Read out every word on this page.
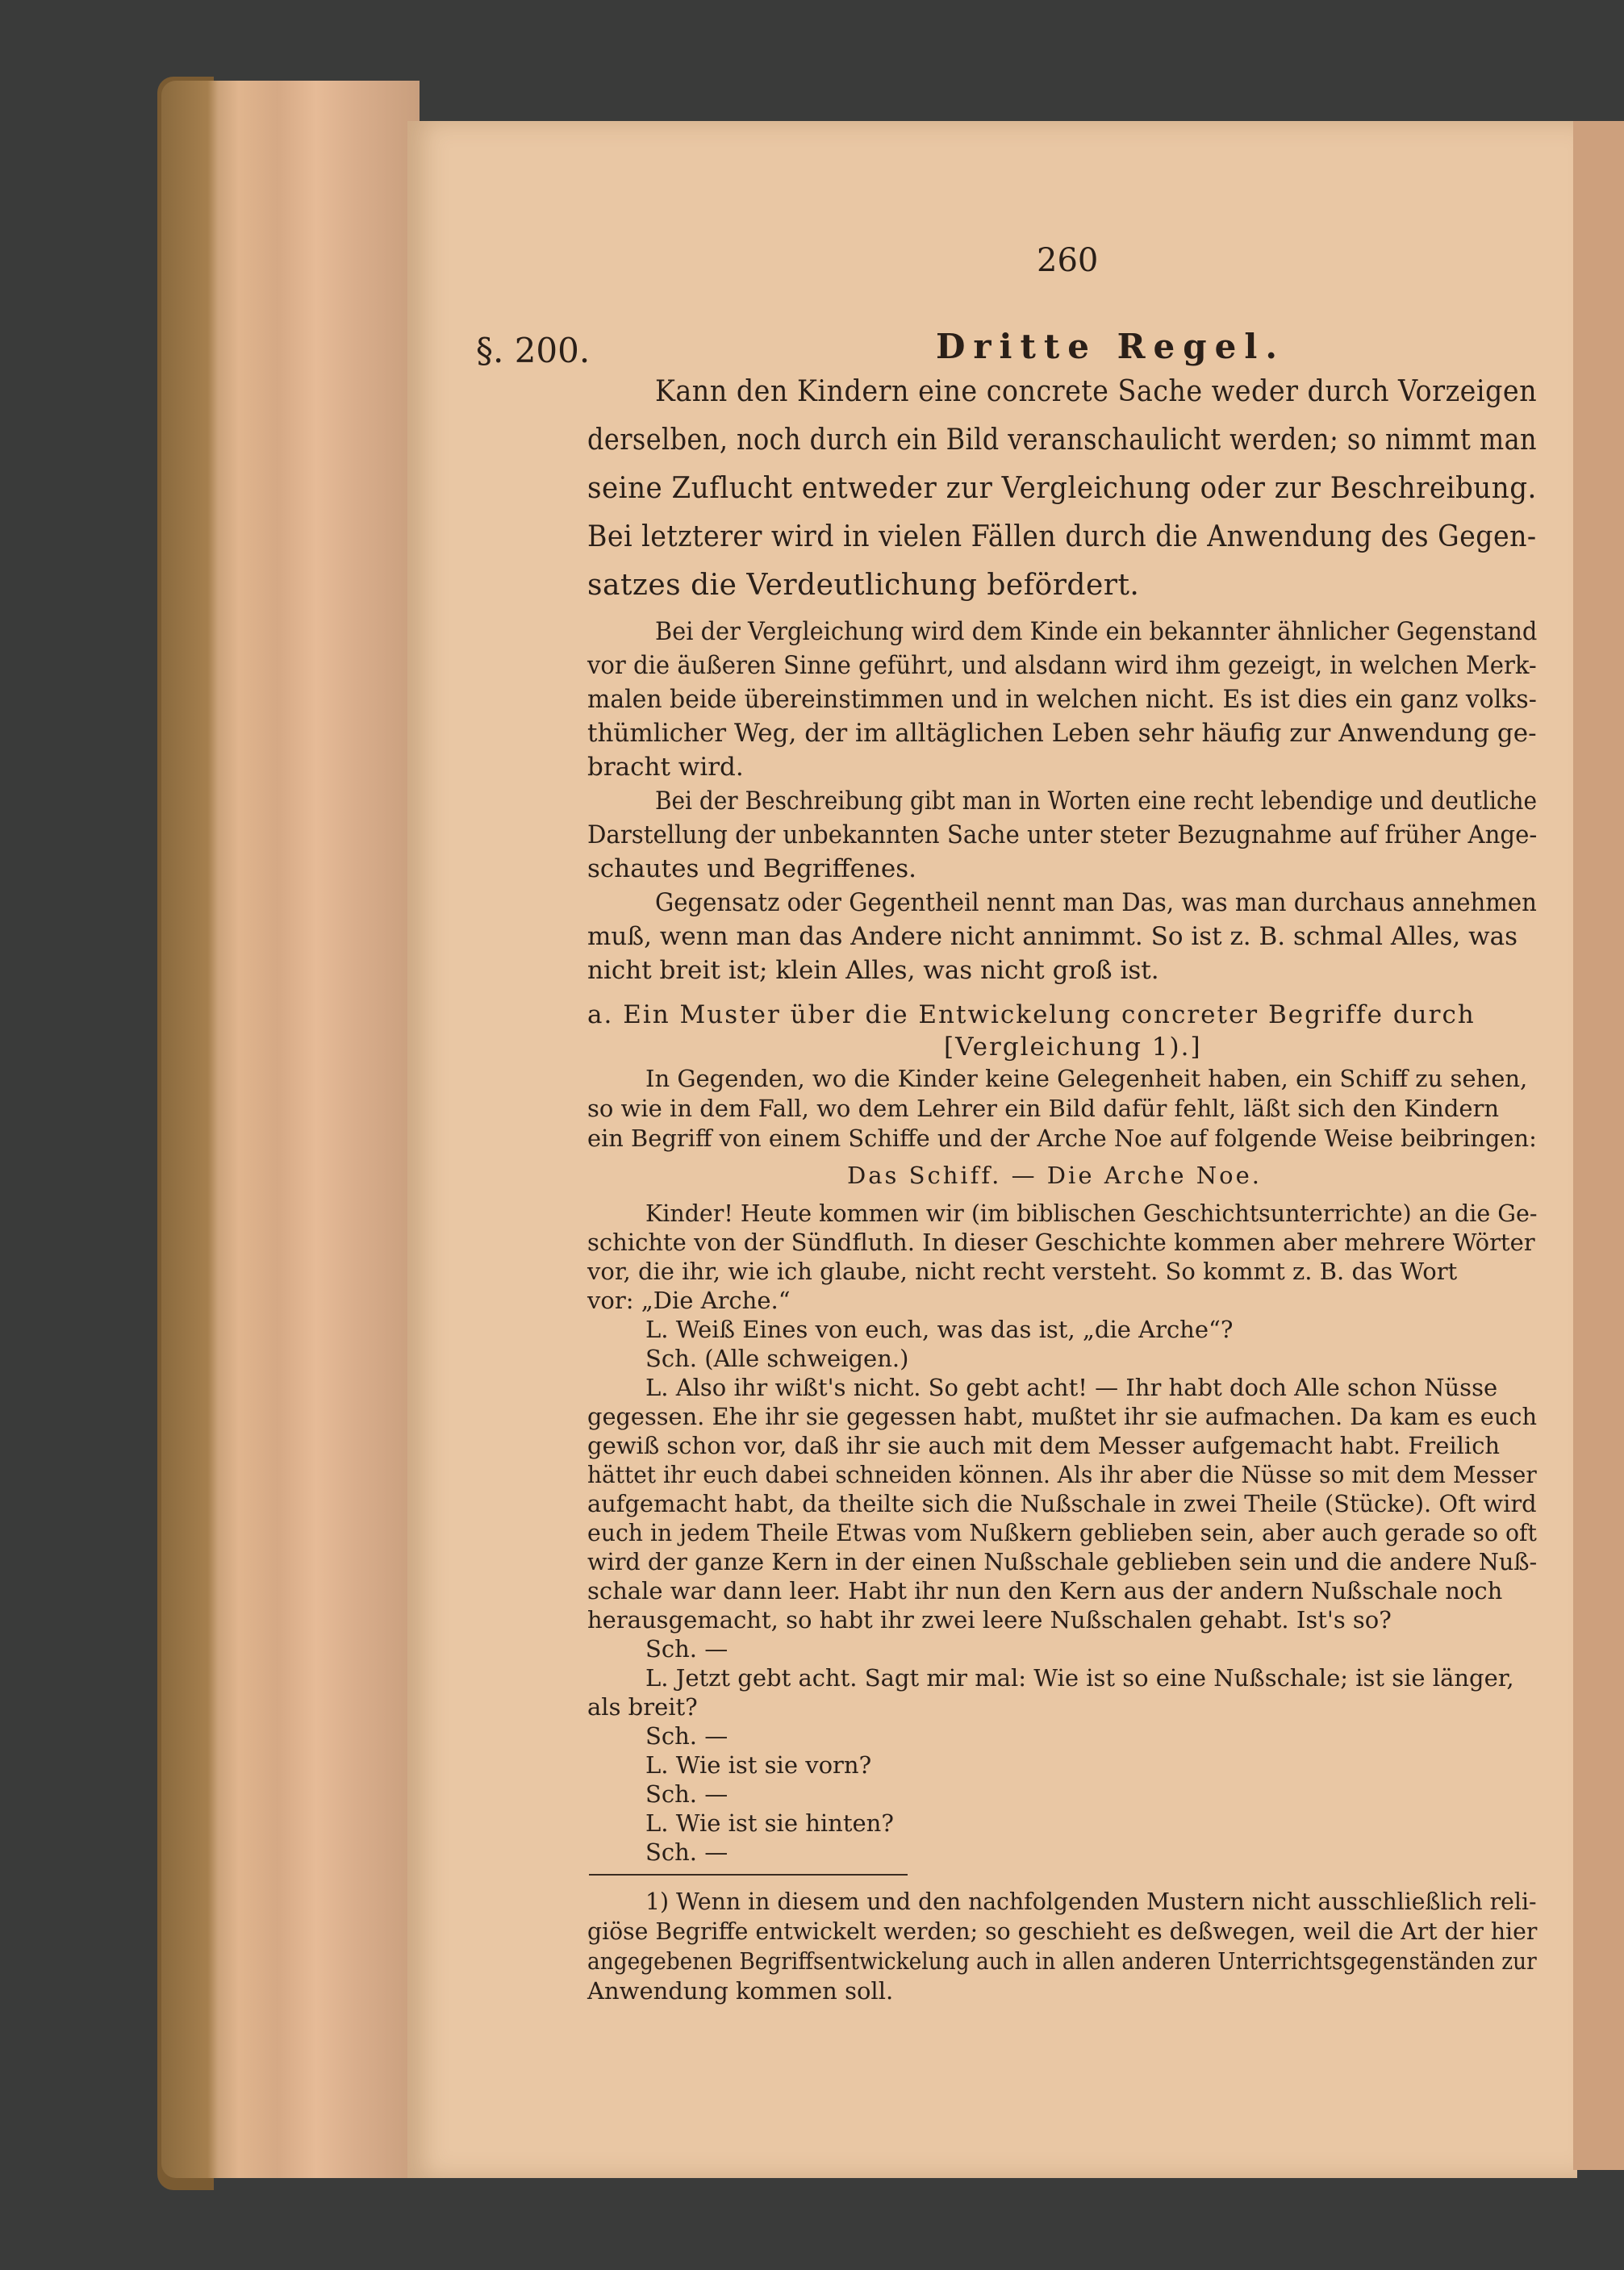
260
§. 200.	Dritte Regel.
Kann den Kindern eine concrete Sache weder durch Vorzeigen
derselben, noch durch ein Bild veranschaulicht werden; so nimmt man
seine Zuflucht entweder zur Vergleichung oder zur Beschreibung.
Bei letzterer wird in vielen Fällen durch die Anwendung des Gegen-
satzes die Verdeutlichung befördert.
Bei der Vergleichung wird dem Kinde ein bekannter ähnlicher Gegenstand
vor die äußeren Sinne geführt, und alsdann wird ihm gezeigt, in welchen Merk-
malen beide übereinstimmen und in welchen nicht. Es ist dies ein ganz volks-
thümlicher Weg, der im alltäglichen Leben sehr häufig zur Anwendung ge-
bracht wird.
Bei der Beschreibung gibt man in Worten eine recht lebendige und deutliche
Darstellung der unbekannten Sache unter steter Bezugnahme auf früher Ange-
schautes und Begriffenes.
Gegensatz oder Gegentheil nennt man Das, was man durchaus annehmen
muß, wenn man das Andere nicht annimmt. So ist z. B. schmal Alles, was
nicht breit ist; klein Alles, was nicht groß ist.
a. Ein Muster über die Entwickelung concreter Begriffe durch
[Vergleichung 1).]
In Gegenden, wo die Kinder keine Gelegenheit haben, ein Schiff zu sehen,
so wie in dem Fall, wo dem Lehrer ein Bild dafür fehlt, läßt sich den Kindern
ein Begriff von einem Schiffe und der Arche Noe auf folgende Weise beibringen:
Das Schiff. — Die Arche Noe.
Kinder! Heute kommen wir (im biblischen Geschichtsunterrichte) an die Ge-
schichte von der Sündfluth. In dieser Geschichte kommen aber mehrere Wörter
vor, die ihr, wie ich glaube, nicht recht versteht. So kommt z. B. das Wort
vor: „Die Arche.“
L. Weiß Eines von euch, was das ist, „die Arche“?
Sch. (Alle schweigen.)
L. Also ihr wißt's nicht. So gebt acht! — Ihr habt doch Alle schon Nüsse
gegessen. Ehe ihr sie gegessen habt, mußtet ihr sie aufmachen. Da kam es euch
gewiß schon vor, daß ihr sie auch mit dem Messer aufgemacht habt. Freilich
hättet ihr euch dabei schneiden können. Als ihr aber die Nüsse so mit dem Messer
aufgemacht habt, da theilte sich die Nußschale in zwei Theile (Stücke). Oft wird
euch in jedem Theile Etwas vom Nußkern geblieben sein, aber auch gerade so oft
wird der ganze Kern in der einen Nußschale geblieben sein und die andere Nuß-
schale war dann leer. Habt ihr nun den Kern aus der andern Nußschale noch
herausgemacht, so habt ihr zwei leere Nußschalen gehabt. Ist's so?
Sch. —
L. Jetzt gebt acht. Sagt mir mal: Wie ist so eine Nußschale; ist sie länger,
als breit?
Sch. —
L. Wie ist sie vorn?
Sch. —
L. Wie ist sie hinten?
Sch. —
1) Wenn in diesem und den nachfolgenden Mustern nicht ausschließlich reli-
giöse Begriffe entwickelt werden; so geschieht es deßwegen, weil die Art der hier
angegebenen Begriffsentwickelung auch in allen anderen Unterrichtsgegenständen zur
Anwendung kommen soll.
